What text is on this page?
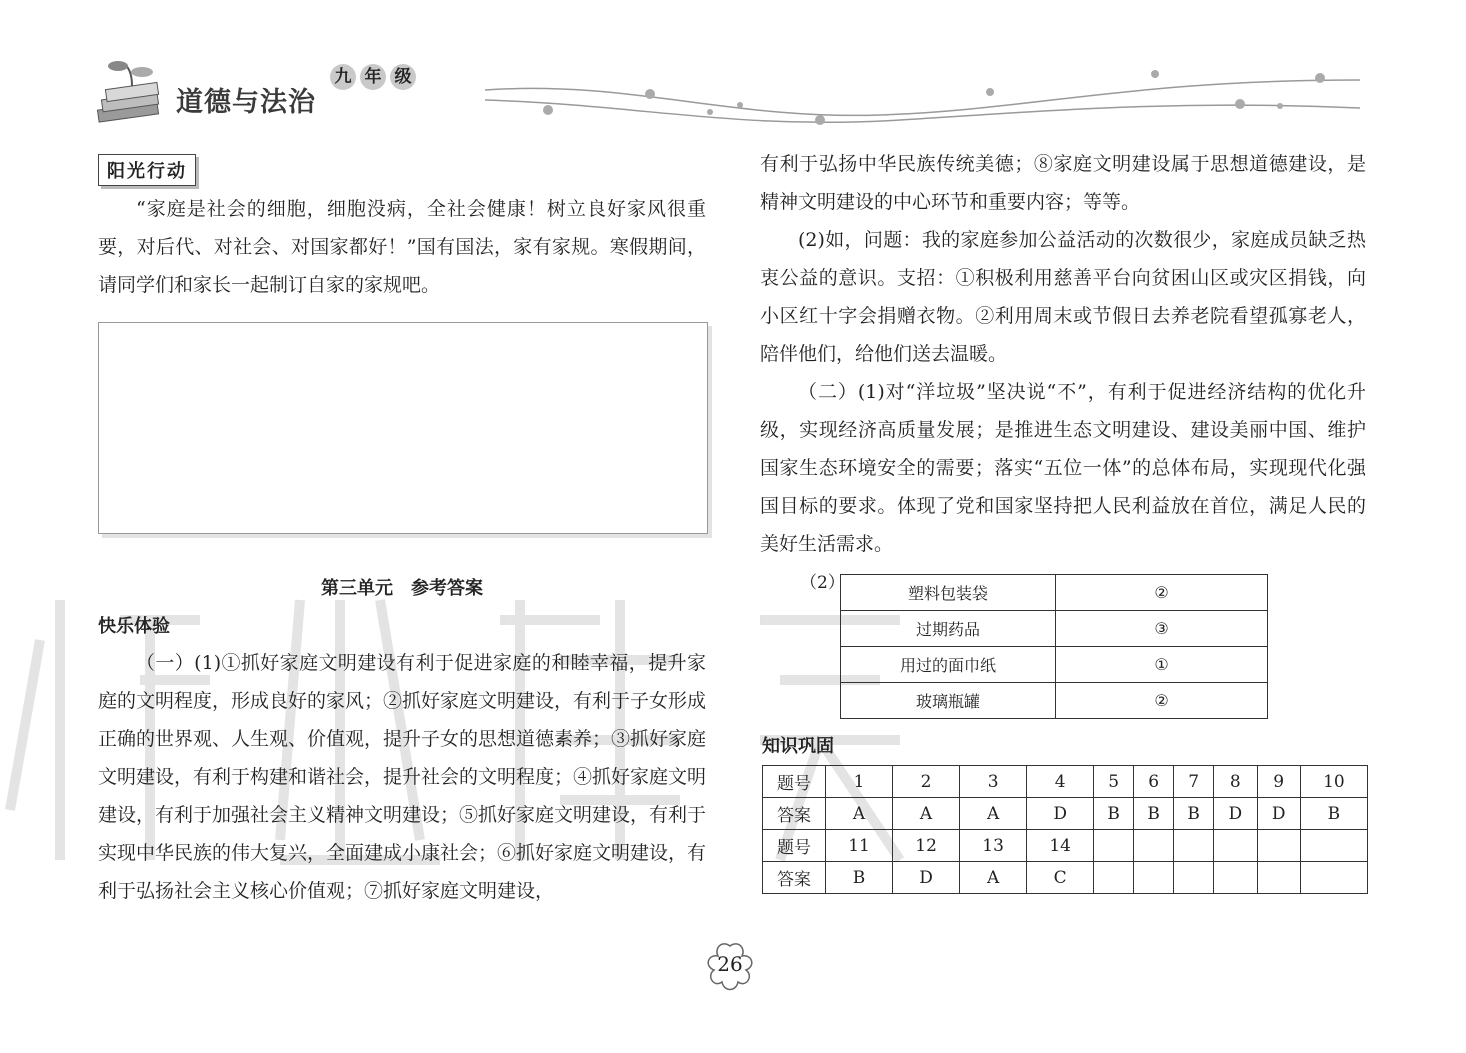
道德与法治
九 年 级
阳光行动

“家庭是社会的细胞，细胞没病，全社会健康！树立良好家风很重要，对后代、对社会、对国家都好！”国有国法，家有家规。寒假期间，请同学们和家长一起制订自家的家规吧。

第三单元　参考答案
快乐体验

（一）(1)①抓好家庭文明建设有利于促进家庭的和睦幸福，提升家庭的文明程度，形成良好的家风；②抓好家庭文明建设，有利于子女形成正确的世界观、人生观、价值观，提升子女的思想道德素养；③抓好家庭文明建设，有利于构建和谐社会，提升社会的文明程度；④抓好家庭文明建设，有利于加强社会主义精神文明建设；⑤抓好家庭文明建设，有利于实现中华民族的伟大复兴，全面建成小康社会；⑥抓好家庭文明建设，有利于弘扬社会主义核心价值观；⑦抓好家庭文明建设，

有利于弘扬中华民族传统美德；⑧家庭文明建设属于思想道德建设，是精神文明建设的中心环节和重要内容；等等。

(2)如，问题：我的家庭参加公益活动的次数很少，家庭成员缺乏热衷公益的意识。支招：①积极利用慈善平台向贫困山区或灾区捐钱，向小区红十字会捐赠衣物。②利用周末或节假日去养老院看望孤寡老人，陪伴他们，给他们送去温暖。

（二）(1)对“洋垃圾”坚决说“不”，有利于促进经济结构的优化升级，实现经济高质量发展；是推进生态文明建设、建设美丽中国、维护国家生态环境安全的需要；落实“五位一体”的总体布局，实现现代化强国目标的要求。体现了党和国家坚持把人民利益放在首位，满足人民的美好生活需求。

（2）
塑料包装袋	②
过期药品	③
用过的面巾纸	①
玻璃瓶罐	②
知识巩固
题号	1	2	3	4	5	6	7	8	9	10
答案	A	A	A	D	B	B	B	D	D	B
题号	11	12	13	14						
答案	B	D	A	C						
26
